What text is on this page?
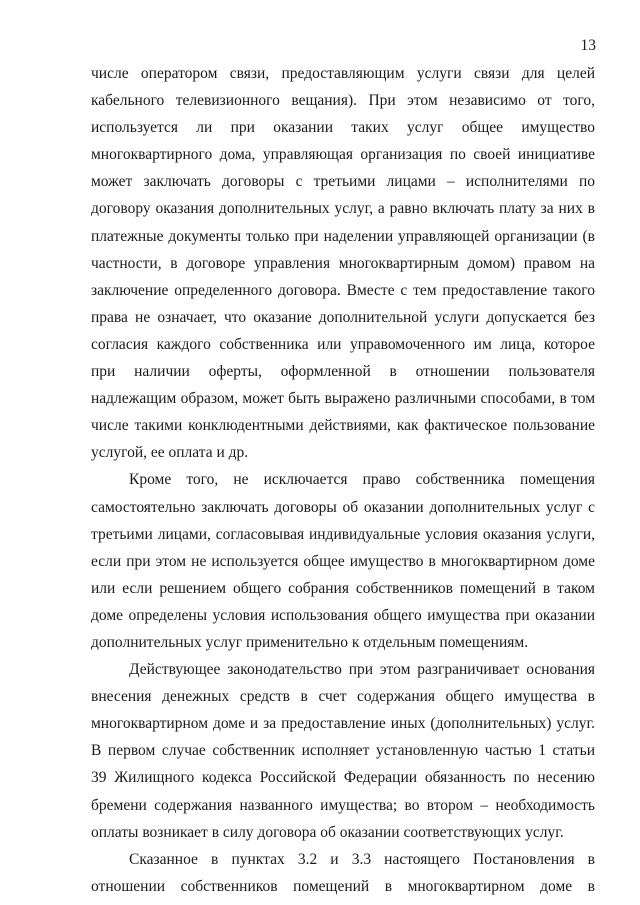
13
числе оператором связи, предоставляющим услуги связи для целей
кабельного телевизионного вещания). При этом независимо от того,
используется ли при оказании таких услуг общее имущество
многоквартирного дома, управляющая организация по своей инициативе
может заключать договоры с третьими лицами – исполнителями по
договору оказания дополнительных услуг, а равно включать плату за них в
платежные документы только при наделении управляющей организации (в
частности, в договоре управления многоквартирным домом) правом на
заключение определенного договора. Вместе с тем предоставление такого
права не означает, что оказание дополнительной услуги допускается без
согласия каждого собственника или управомоченного им лица, которое
при наличии оферты, оформленной в отношении пользователя
надлежащим образом, может быть выражено различными способами, в том
числе такими конклюдентными действиями, как фактическое пользование
услугой, ее оплата и др.
Кроме того, не исключается право собственника помещения
самостоятельно заключать договоры об оказании дополнительных услуг с
третьими лицами, согласовывая индивидуальные условия оказания услуги,
если при этом не используется общее имущество в многоквартирном доме
или если решением общего собрания собственников помещений в таком
доме определены условия использования общего имущества при оказании
дополнительных услуг применительно к отдельным помещениям.
Действующее законодательство при этом разграничивает основания
внесения денежных средств в счет содержания общего имущества в
многоквартирном доме и за предоставление иных (дополнительных) услуг.
В первом случае собственник исполняет установленную частью 1 статьи
39 Жилищного кодекса Российской Федерации обязанность по несению
бремени содержания названного имущества; во втором – необходимость
оплаты возникает в силу договора об оказании соответствующих услуг.
Сказанное в пунктах 3.2 и 3.3 настоящего Постановления в
отношении собственников помещений в многоквартирном доме в
